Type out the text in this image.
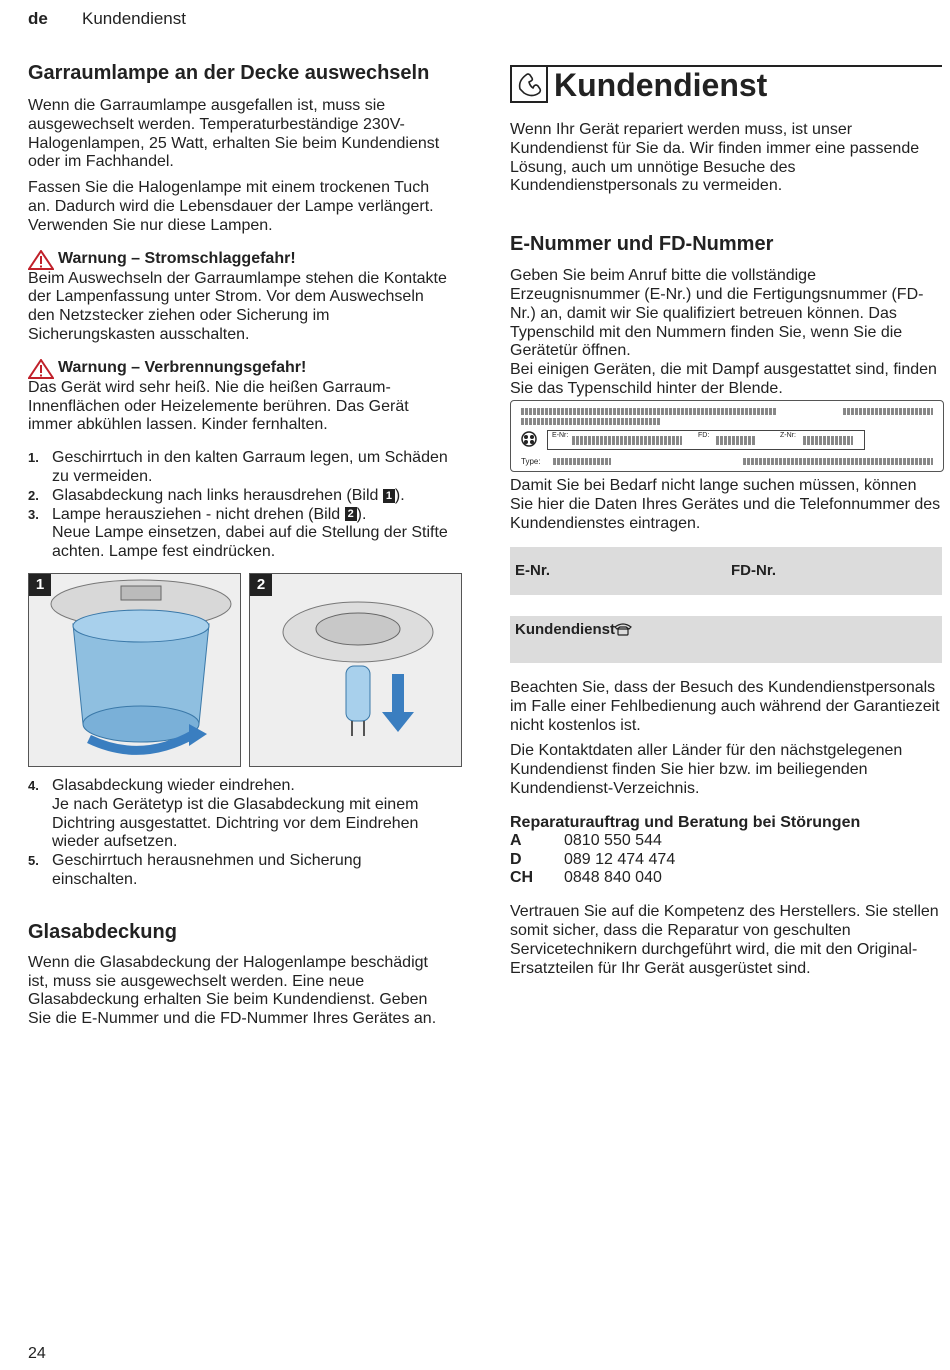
de Kundendienst
Garraumlampe an der Decke auswechseln

Wenn die Garraumlampe ausgefallen ist, muss sie ausgewechselt werden. Temperaturbeständige 230V-Halogenlampen, 25 Watt, erhalten Sie beim Kundendienst oder im Fachhandel.

Fassen Sie die Halogenlampe mit einem trockenen Tuch an. Dadurch wird die Lebensdauer der Lampe verlängert. Verwenden Sie nur diese Lampen.

Warnung – Stromschlaggefahr!
Beim Auswechseln der Garraumlampe stehen die Kontakte der Lampenfassung unter Strom. Vor dem Auswechseln den Netzstecker ziehen oder Sicherung im Sicherungskasten ausschalten.
Warnung – Verbrennungsgefahr!
Das Gerät wird sehr heiß. Nie die heißen Garraum-Innenflächen oder Heizelemente berühren. Das Gerät immer abkühlen lassen. Kinder fernhalten.
1. Geschirrtuch in den kalten Garraum legen, um Schäden zu vermeiden.
2. Glasabdeckung nach links herausdrehen (Bild 1 ).
3. Lampe herausziehen - nicht drehen (Bild 2 ).
Neue Lampe einsetzen, dabei auf die Stellung der Stifte achten. Lampe fest eindrücken.
1	2
4. Glasabdeckung wieder eindrehen.
Je nach Gerätetyp ist die Glasabdeckung mit einem Dichtring ausgestattet. Dichtring vor dem Eindrehen wieder aufsetzen.
5. Geschirrtuch herausnehmen und Sicherung einschalten.
Glasabdeckung

Wenn die Glasabdeckung der Halogenlampe beschädigt ist, muss sie ausgewechselt werden. Eine neue Glasabdeckung erhalten Sie beim Kundendienst. Geben Sie die E-Nummer und die FD-Nummer Ihres Gerätes an.

Kundendienst

Wenn Ihr Gerät repariert werden muss, ist unser Kundendienst für Sie da. Wir finden immer eine passende Lösung, auch um unnötige Besuche des Kundendienstpersonals zu vermeiden.

E-Nummer und FD-Nummer

Geben Sie beim Anruf bitte die vollständige Erzeugnisnummer (E-Nr.) und die Fertigungsnummer (FD-Nr.) an, damit wir Sie qualifiziert betreuen können. Das Typenschild mit den Nummern finden Sie, wenn Sie die Gerätetür öffnen.

Bei einigen Geräten, die mit Dampf ausgestattet sind, finden Sie das Typenschild hinter der Blende.

E-Nr:	FD:	Z-Nr:
Type:

Damit Sie bei Bedarf nicht lange suchen müssen, können Sie hier die Daten Ihres Gerätes und die Telefonnummer des Kundendienstes eintragen.

E-Nr.	FD-Nr.
Kundendienst

Beachten Sie, dass der Besuch des Kundendienstpersonals im Falle einer Fehlbedienung auch während der Garantiezeit nicht kostenlos ist.

Die Kontaktdaten aller Länder für den nächstgelegenen Kundendienst finden Sie hier bzw. im beiliegenden Kundendienst-Verzeichnis.

Reparaturauftrag und Beratung bei Störungen
A	0810 550 544
D	089 12 474 474
CH	0848 840 040

Vertrauen Sie auf die Kompetenz des Herstellers. Sie stellen somit sicher, dass die Reparatur von geschulten Servicetechnikern durchgeführt wird, die mit den Original-Ersatzteilen für Ihr Gerät ausgerüstet sind.

24
